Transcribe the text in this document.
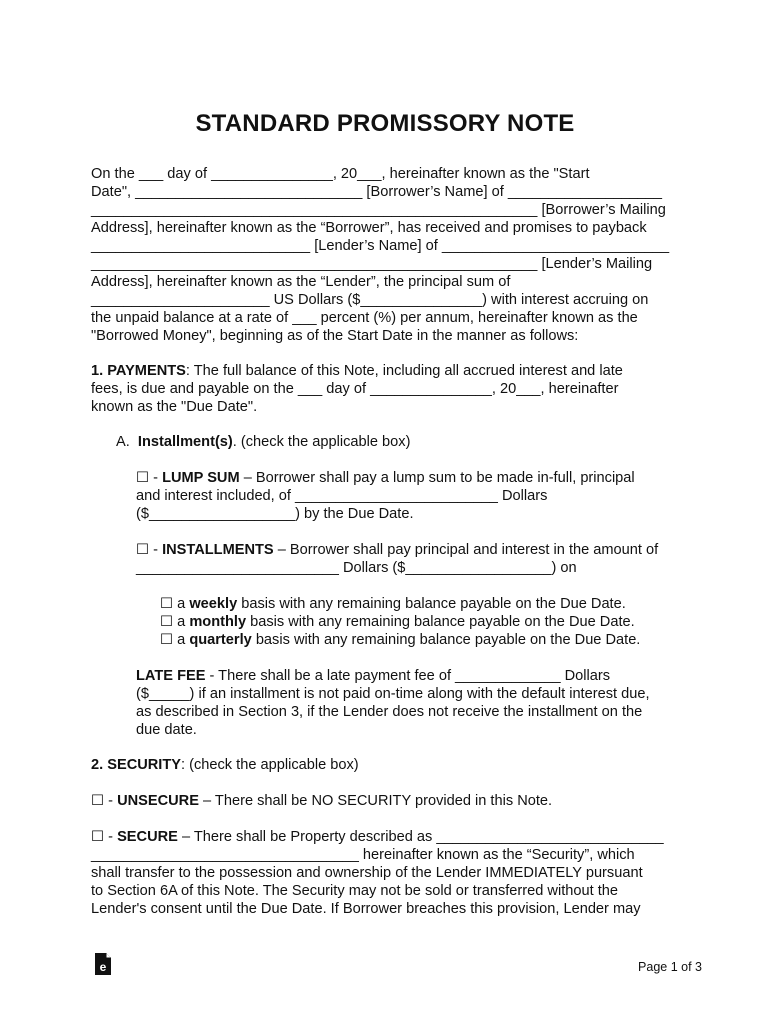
STANDARD PROMISSORY NOTE
On the ___ day of _______________, 20___, hereinafter known as the "Start
Date", ____________________________ [Borrower’s Name] of ___________________
_______________________________________________________ [Borrower’s Mailing
Address], hereinafter known as the “Borrower”, has received and promises to payback
___________________________ [Lender’s Name] of ____________________________
_______________________________________________________ [Lender’s Mailing
Address], hereinafter known as the “Lender”, the principal sum of
______________________ US Dollars ($_______________) with interest accruing on
the unpaid balance at a rate of ___ percent (%) per annum, hereinafter known as the
"Borrowed Money", beginning as of the Start Date in the manner as follows:
1. PAYMENTS: The full balance of this Note, including all accrued interest and late
fees, is due and payable on the ___ day of _______________, 20___, hereinafter
known as the "Due Date".
A. Installment(s). (check the applicable box)
☐ - LUMP SUM – Borrower shall pay a lump sum to be made in-full, principal
and interest included, of _________________________ Dollars
($__________________) by the Due Date.
☐ - INSTALLMENTS – Borrower shall pay principal and interest in the amount of
_________________________ Dollars ($__________________) on
☐ a weekly basis with any remaining balance payable on the Due Date.
☐ a monthly basis with any remaining balance payable on the Due Date.
☐ a quarterly basis with any remaining balance payable on the Due Date.
LATE FEE - There shall be a late payment fee of _____________ Dollars
($_____) if an installment is not paid on-time along with the default interest due,
as described in Section 3, if the Lender does not receive the installment on the
due date.
2. SECURITY: (check the applicable box)
☐ - UNSECURE – There shall be NO SECURITY provided in this Note.
☐ - SECURE – There shall be Property described as ____________________________
_________________________________ hereinafter known as the “Security”, which
shall transfer to the possession and ownership of the Lender IMMEDIATELY pursuant
to Section 6A of this Note. The Security may not be sold or transferred without the
Lender's consent until the Due Date. If Borrower breaches this provision, Lender may
e	Page 1 of 3
